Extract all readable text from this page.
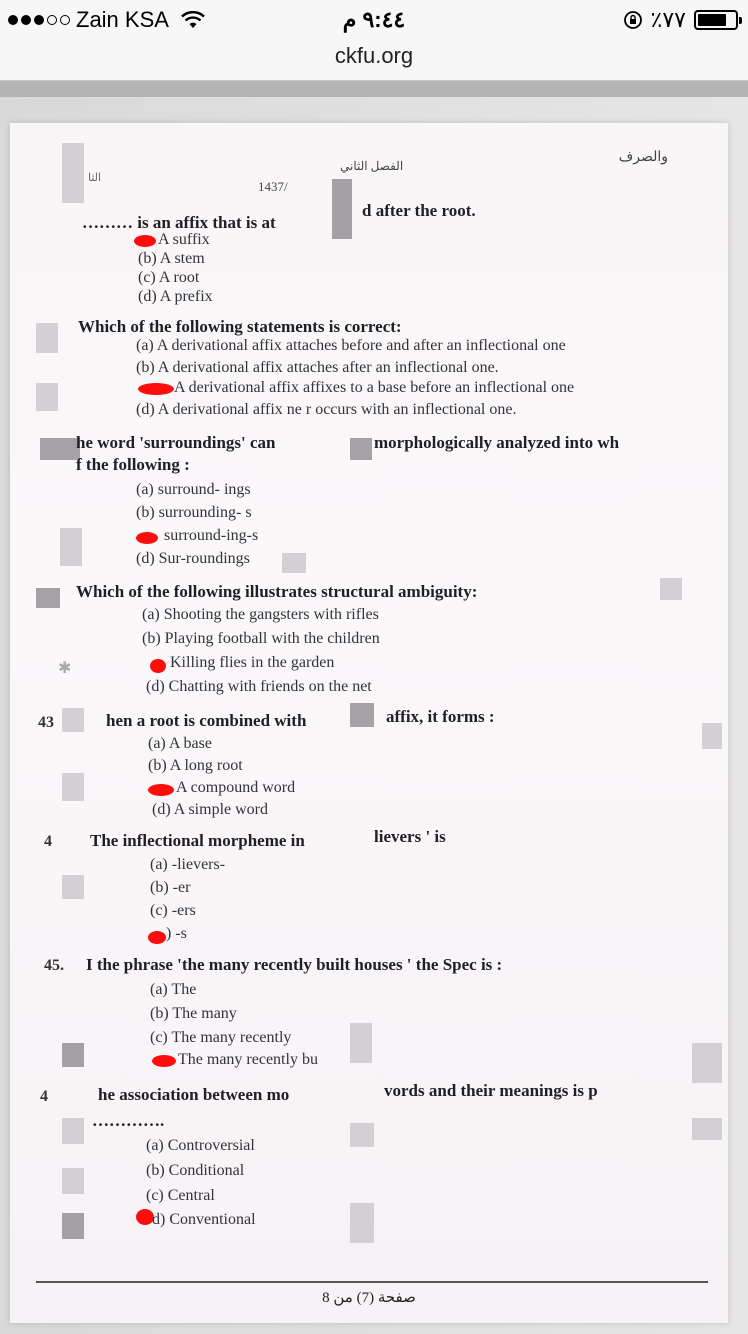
Zain KSA	٩:٤٤ م	٪٧٧
ckfu.org
والصرف
الفصل الثاني
1437/
الثا
✱
……… is an affix that is at
d after the root.
A suffix
(b) A stem
(c) A root
(d) A prefix
Which of the following statements is correct:
(a) A derivational affix attaches before and after an inflectional one
(b) A derivational affix attaches after an inflectional one.
A derivational affix affixes to a base before an inflectional one
(d) A derivational affix ne r occurs with an inflectional one.
he word 'surroundings' can	morphologically analyzed into wh
f the following :
(a) surround- ings
(b) surrounding- s
surround-ing-s
(d) Sur-roundings
Which of the following illustrates structural ambiguity:
(a) Shooting the gangsters with rifles
(b) Playing football with the children
Killing flies in the garden
(d) Chatting with friends on the net
43	hen a root is combined with	affix, it forms :
(a) A base
(b) A long root
A compound word
(d) A simple word
4 The inflectional morpheme in	lievers ' is
(a) -lievers-
(b) -er
(c) -ers
) -s
45. I the phrase 'the many recently built houses ' the Spec is :
(a) The
(b) The many
(c) The many recently
The many recently bu
4	he association between mo	vords and their meanings is p
………….
(a) Controversial
(b) Conditional
(c) Central
d) Conventional
صفحة (7) من 8
